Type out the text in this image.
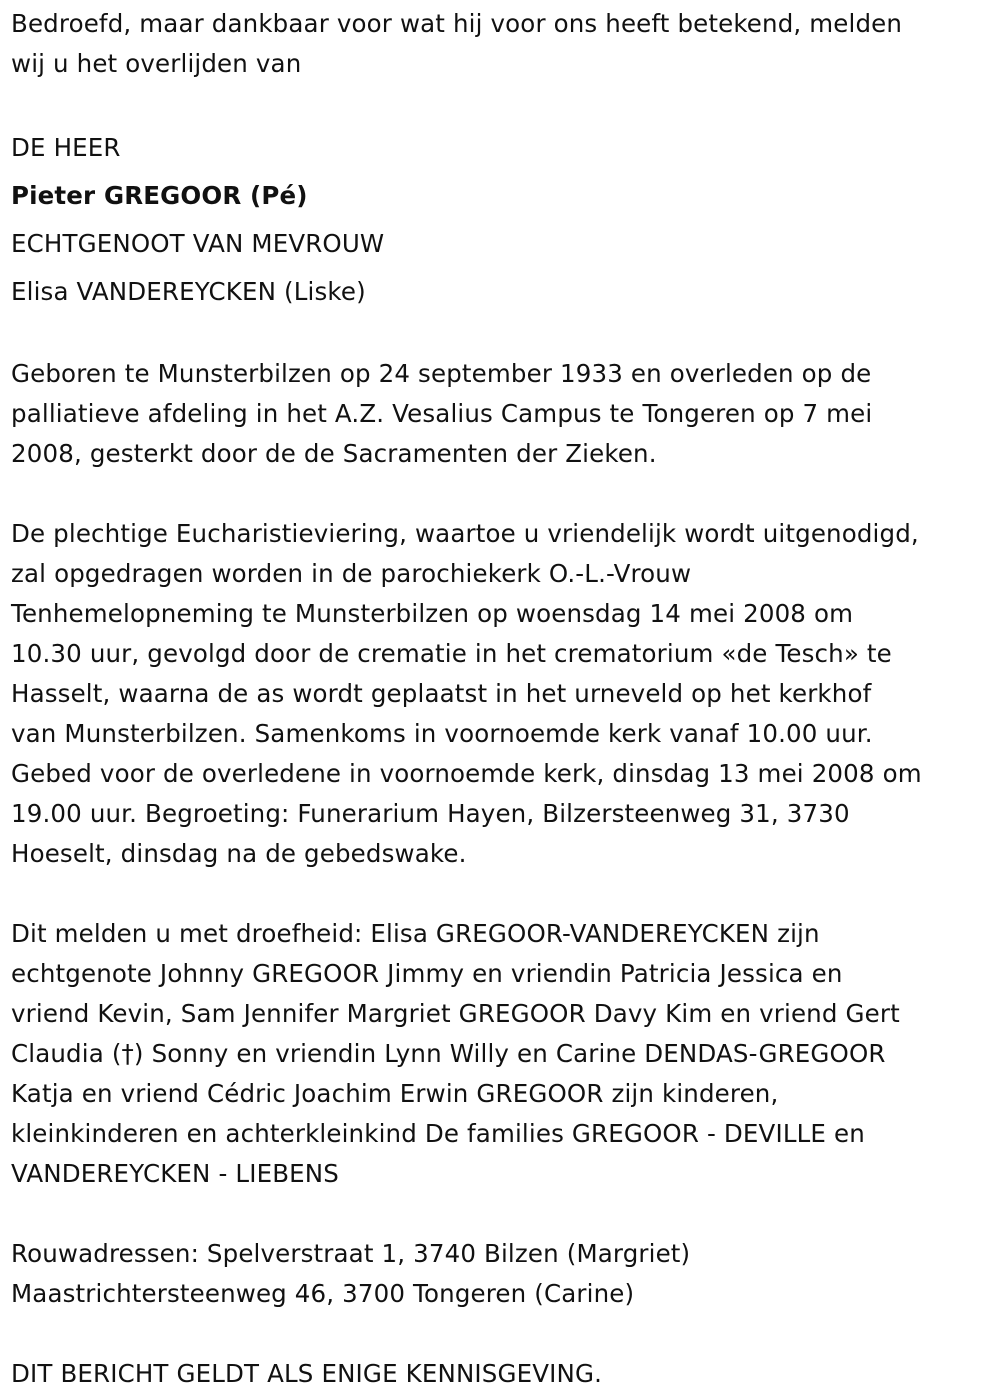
Bedroefd, maar dankbaar voor wat hij voor ons heeft betekend, melden

wij u het overlijden van

DE HEER

Pieter GREGOOR (Pé)

ECHTGENOOT VAN MEVROUW

Elisa VANDEREYCKEN (Liske)

Geboren te Munsterbilzen op 24 september 1933 en overleden op de

palliatieve afdeling in het A.Z. Vesalius Campus te Tongeren op 7 mei

2008, gesterkt door de de Sacramenten der Zieken.

De plechtige Eucharistieviering, waartoe u vriendelijk wordt uitgenodigd,

zal opgedragen worden in de parochiekerk O.-L.-Vrouw

Tenhemelopneming te Munsterbilzen op woensdag 14 mei 2008 om

10.30 uur, gevolgd door de crematie in het crematorium «de Tesch» te

Hasselt, waarna de as wordt geplaatst in het urneveld op het kerkhof

van Munsterbilzen. Samenkoms in voornoemde kerk vanaf 10.00 uur.

Gebed voor de overledene in voornoemde kerk, dinsdag 13 mei 2008 om

19.00 uur. Begroeting: Funerarium Hayen, Bilzersteenweg 31, 3730

Hoeselt, dinsdag na de gebedswake.

Dit melden u met droefheid: Elisa GREGOOR-VANDEREYCKEN zijn

echtgenote Johnny GREGOOR Jimmy en vriendin Patricia Jessica en

vriend Kevin, Sam Jennifer Margriet GREGOOR Davy Kim en vriend Gert

Claudia (†) Sonny en vriendin Lynn Willy en Carine DENDAS-GREGOOR

Katja en vriend Cédric Joachim Erwin GREGOOR zijn kinderen,

kleinkinderen en achterkleinkind De families GREGOOR - DEVILLE en

VANDEREYCKEN - LIEBENS

Rouwadressen: Spelverstraat 1, 3740 Bilzen (Margriet)

Maastrichtersteenweg 46, 3700 Tongeren (Carine)

DIT BERICHT GELDT ALS ENIGE KENNISGEVING.
